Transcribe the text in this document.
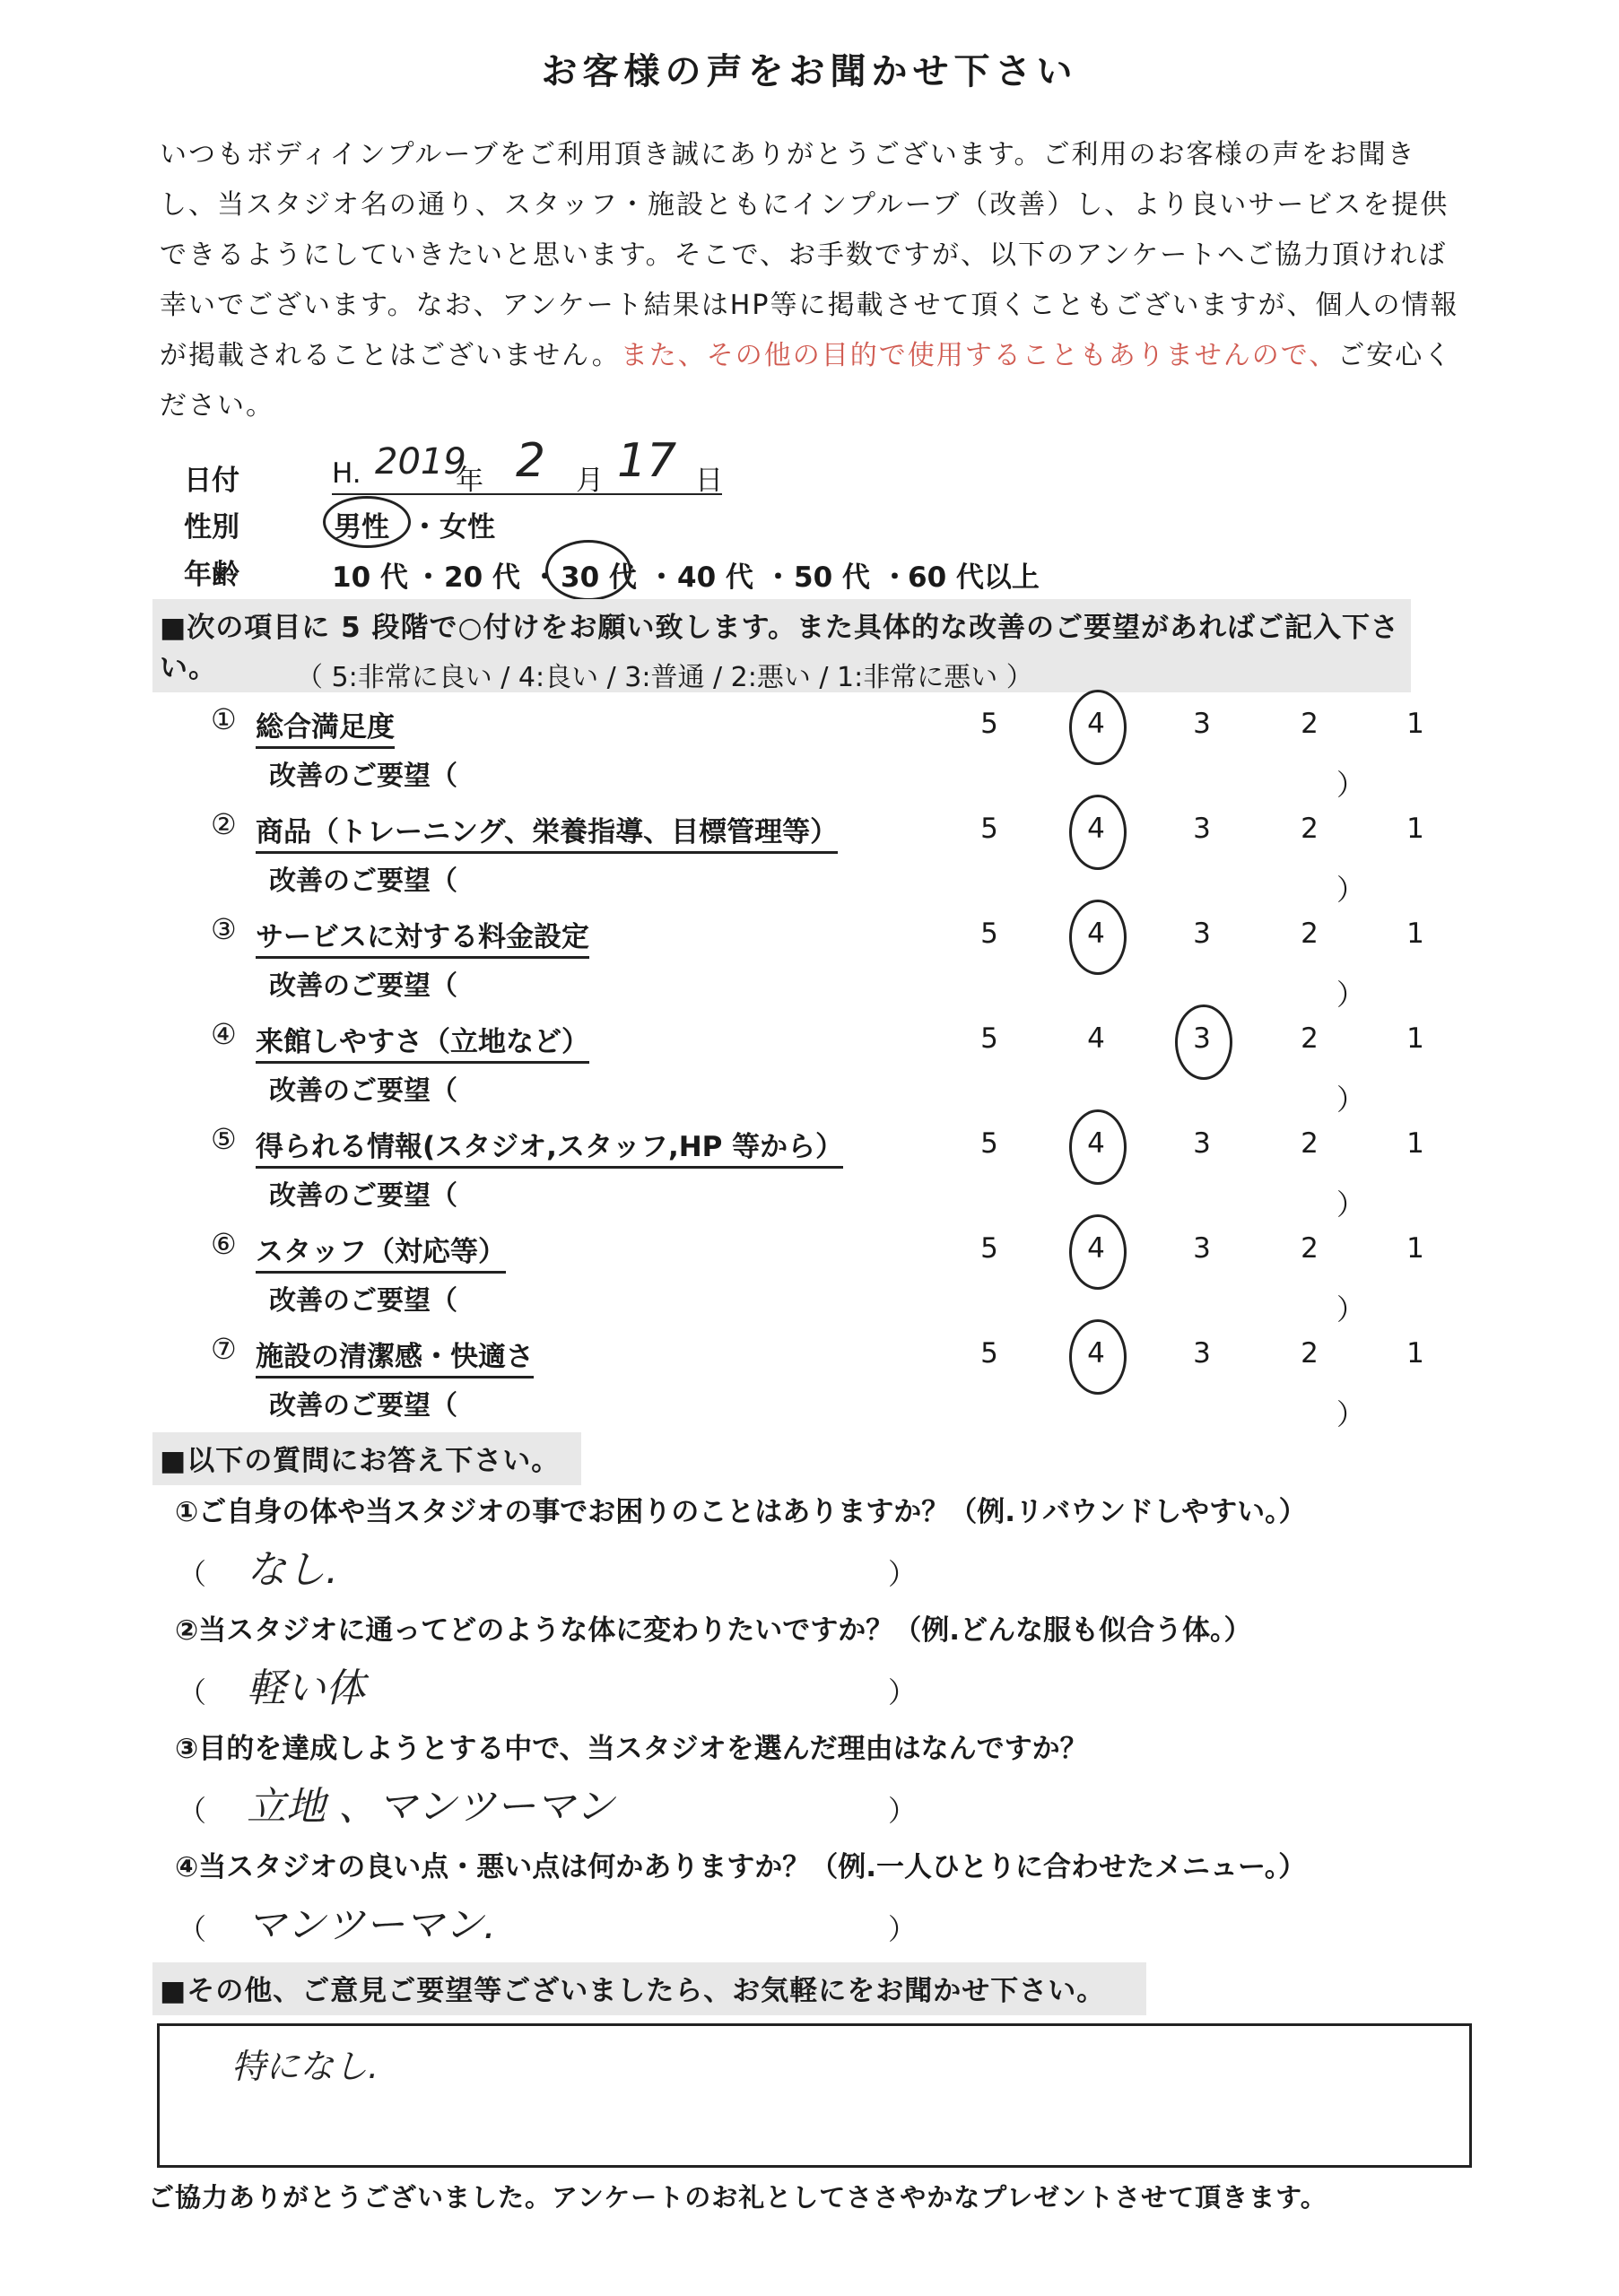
お客様の声をお聞かせ下さい
いつもボディインプルーブをご利用頂き誠にありがとうございます。ご利用のお客様の声をお聞きし、当スタジオ名の通り、スタッフ・施設ともにインプルーブ（改善）し、より良いサービスを提供できるようにしていきたいと思います。そこで、お手数ですが、以下のアンケートへご協力頂ければ幸いでございます。なお、アンケート結果はHP等に掲載させて頂くこともございますが、個人の情報が掲載されることはございません。また、その他の目的で使用することもありませんので、ご安心ください。
日付	H. 2019
年 2 月 17 日
性別	男性 ・ 女性
年齢	10 代 ・ 20 代 ・ 30 代 ・ 40 代 ・ 50 代 ・ 60 代以上
■次の項目に 5 段階で○付けをお願い致します。また具体的な改善のご要望があればご記入下さい。	（ 5:非常に良い / 4:良い / 3:普通 / 2:悪い / 1:非常に悪い ）
① 総合満足度	5	4	3	2	1
改善のご要望（	）
② 商品（トレーニング、栄養指導、目標管理等）	5	4	3	2	1
改善のご要望（	）
③ サービスに対する料金設定	5	4	3	2	1
改善のご要望（	）
④ 来館しやすさ（立地など）	5	4	3	2	1
改善のご要望（	）
⑤ 得られる情報(スタジオ,スタッフ,HP 等から）	5	4	3	2	1
改善のご要望（	）
⑥ スタッフ（対応等）	5	4	3	2	1
改善のご要望（	）
⑦ 施設の清潔感・快適さ	5	4	3	2	1
改善のご要望（	）
■以下の質問にお答え下さい。
①ご自身の体や当スタジオの事でお困りのことはありますか？（例.リバウンドしやすい。）
（ なし.	）
②当スタジオに通ってどのような体に変わりたいですか？（例.どんな服も似合う体。）
（ 軽い体	）
③目的を達成しようとする中で、当スタジオを選んだ理由はなんですか？
（ 立地 、マンツーマン	）
④当スタジオの良い点・悪い点は何かありますか？（例.一人ひとりに合わせたメニュー。）
（ マンツーマン.	）
■その他、ご意見ご要望等ございましたら、お気軽にをお聞かせ下さい。
特になし.
ご協力ありがとうございました。アンケートのお礼としてささやかなプレゼントさせて頂きます。
